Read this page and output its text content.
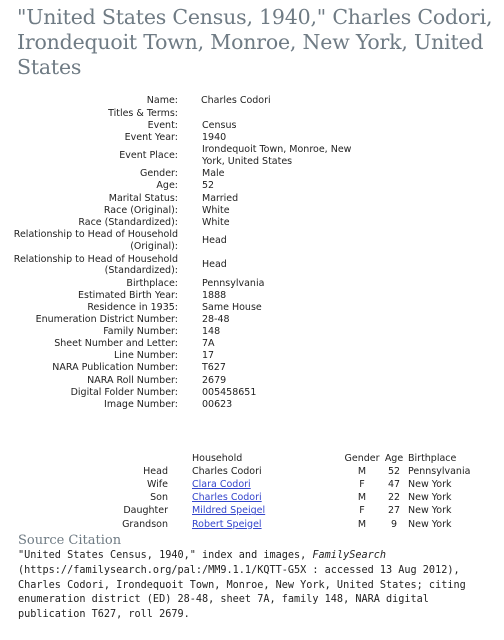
"United States Census, 1940," Charles Codori, Irondequoit Town, Monroe, New York, United States
Name:	Charles Codori
Titles & Terms:	
Event:	Census
Event Year:	1940
Event Place:	Irondequoit Town, Monroe, New York, United States
Gender:	Male
Age:	52
Marital Status:	Married
Race (Original):	White
Race (Standardized):	White
Relationship to Head of Household (Original):	Head
Relationship to Head of Household (Standardized):	Head
Birthplace:	Pennsylvania
Estimated Birth Year:	1888
Residence in 1935:	Same House
Enumeration District Number:	28-48
Family Number:	148
Sheet Number and Letter:	7A
Line Number:	17
NARA Publication Number:	T627
NARA Roll Number:	2679
Digital Folder Number:	005458651
Image Number:	00623
	Household	Gender	Age	Birthplace
Head	Charles Codori	M	52	Pennsylvania
Wife	Clara Codori	F	47	New York
Son	Charles Codori	M	22	New York
Daughter	Mildred Speigel	F	27	New York
Grandson	Robert Speigel	M	9	New York
Source Citation

"United States Census, 1940," index and images, FamilySearch (https://familysearch.org/pal:/MM9.1.1/KQTT-G5X : accessed 13 Aug 2012), Charles Codori, Irondequoit Town, Monroe, New York, United States; citing enumeration district (ED) 28-48, sheet 7A, family 148, NARA digital publication T627, roll 2679.
